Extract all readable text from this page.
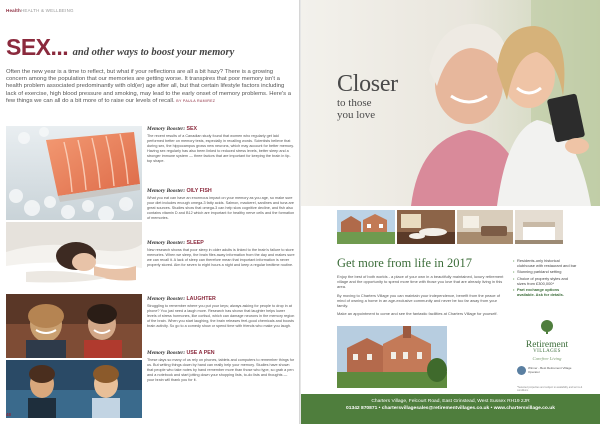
HealthHEALTH & WELLBEING
SEX... and other ways to boost your memory
Often the new year is a time to reflect, but what if your reflections are all a bit hazy? There is a growing concern among the population that our memories are getting worse. It transpires that poor memory isn't a health problem associated predominantly with old(er) age after all, but that certain lifestyle factors including lack of exercise, high blood pressure and smoking, may lead to the early onset of memory problems. Here's a few things we can all do a bit more of to raise our levels of recall. BY PAULA RAMIREZ
Memory Booster: SEX
The recent results of a Canadian study found that women who regularly get laid performed better on memory tests, especially in recalling words. Scientists believe that during sex, the hippocampus grows new neurons, which may account for better memory. Having sex regularly has also been linked to reduced stress levels, better sleep and a stronger immune system — three factors that are important for keeping the brain in tip-top shape.
Memory Booster: OILY FISH
What you eat can have an enormous impact on your memory as you age, so make sure your diet includes enough omega-3 fatty acids. Salmon, mackerel, sardines and tuna are great sources. Studies show that omega-3 can help slow cognitive decline, and fish also contains vitamin D and B12 which are important for healthy nerve cells and the formation of memories.
Memory Booster: SLEEP
New research shows that poor sleep in older adults is linked to the brain's failure to store memories. When we sleep, the brain files away information from the day and makes sure we can recall it. A lack of sleep can therefore mean that important information is never properly stored. Aim for seven to eight hours a night and keep a regular bedtime routine.
Memory Booster: LAUGHTER
Struggling to remember where you put your keys; always asking for people to drop in at phone? You just need a laugh more. Research has shown that laughter helps lower levels of stress hormones, like cortisol, which can damage neurons in the memory region of the brain. When you start laughing, the brain releases feel-good chemicals and boosts brain activity. So go to a comedy show or spend time with friends who make you laugh.
Memory Booster: USE A PEN
These days so many of us rely on phones, tablets and computers to remember things for us. But writing things down by hand can really help your memory. Studies have shown that people who take notes by hand remember more than those who type, so grab a pen and a notebook and start jotting down your shopping lists, to-do lists and thoughts — your brain will thank you for it.
48
Closer
to those
you love
Get more from life in 2017

Enjoy the best of both worlds - a place of your own in a beautifully maintained, luxury retirement village and the opportunity to spend more time with those you love that are already living in this area.

By moving to Charters Village you can maintain your independence, benefit from the peace of mind of owning a home in an age-exclusive community and never be too far away from your family.

Make an appointment to come and see the fantastic facilities at Charters Village for yourself.

• Residents-only historical clubhouse with restaurant and bar
• Stunning parkland setting
• Choice of property styles and sizes from £300,000*
• Part exchange options available. Ask for details.
Retirement
VILLAGES
Carefree Living
Winner - Best Retirement Village Operator
*Selected properties and subject to availability and terms & conditions
Charters Village, Felcourt Road, East Grinstead, West Sussex RH19 2JR
01342 870871 • chartersvillagesales@retirementvillages.co.uk • www.chartersvillage.co.uk
